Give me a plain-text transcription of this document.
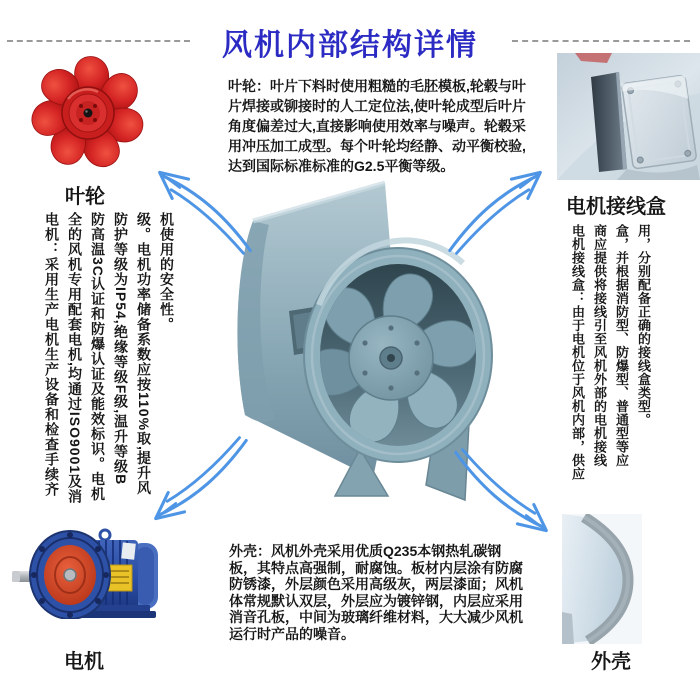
风机内部结构详情
叶轮
叶轮：叶片下料时使用粗糙的毛胚模板,轮毂与叶片焊接或铆接时的人工定位法,使叶轮成型后叶片角度偏差过大,直接影响使用效率与噪声。轮毂采用冲压加工成型。每个叶轮均经静、动平衡校验,达到国际标准标准的G2.5平衡等级。
电机接线盒
电机：采用生产电机生产设备和检查手续齐全的风机专用配套电机,均通过ISO9001及消防高温3C认证和防爆认证及能效标识。电机防护等级为IP54,绝缘等级F级,温升等级B级。电机功率储备系数应按110%取,提升风机使用的安全性。	电机接线盒：由于电机位于风机内部，供应商应提供将接线引至风机外部的电机接线盒，并根据消防型、防爆型、普通型等应用，分别配备正确的接线盒类型。
电机
外壳：风机外壳采用优质Q235本钢热轧碳钢板，其特点高强制，耐腐蚀。板材内层涂有防腐防锈漆，外层颜色采用高级灰，两层漆面；风机体常规默认双层，外层应为镀锌钢，内层应采用消音孔板，中间为玻璃纤维材料，大大减少风机运行时产品的噪音。
外壳
